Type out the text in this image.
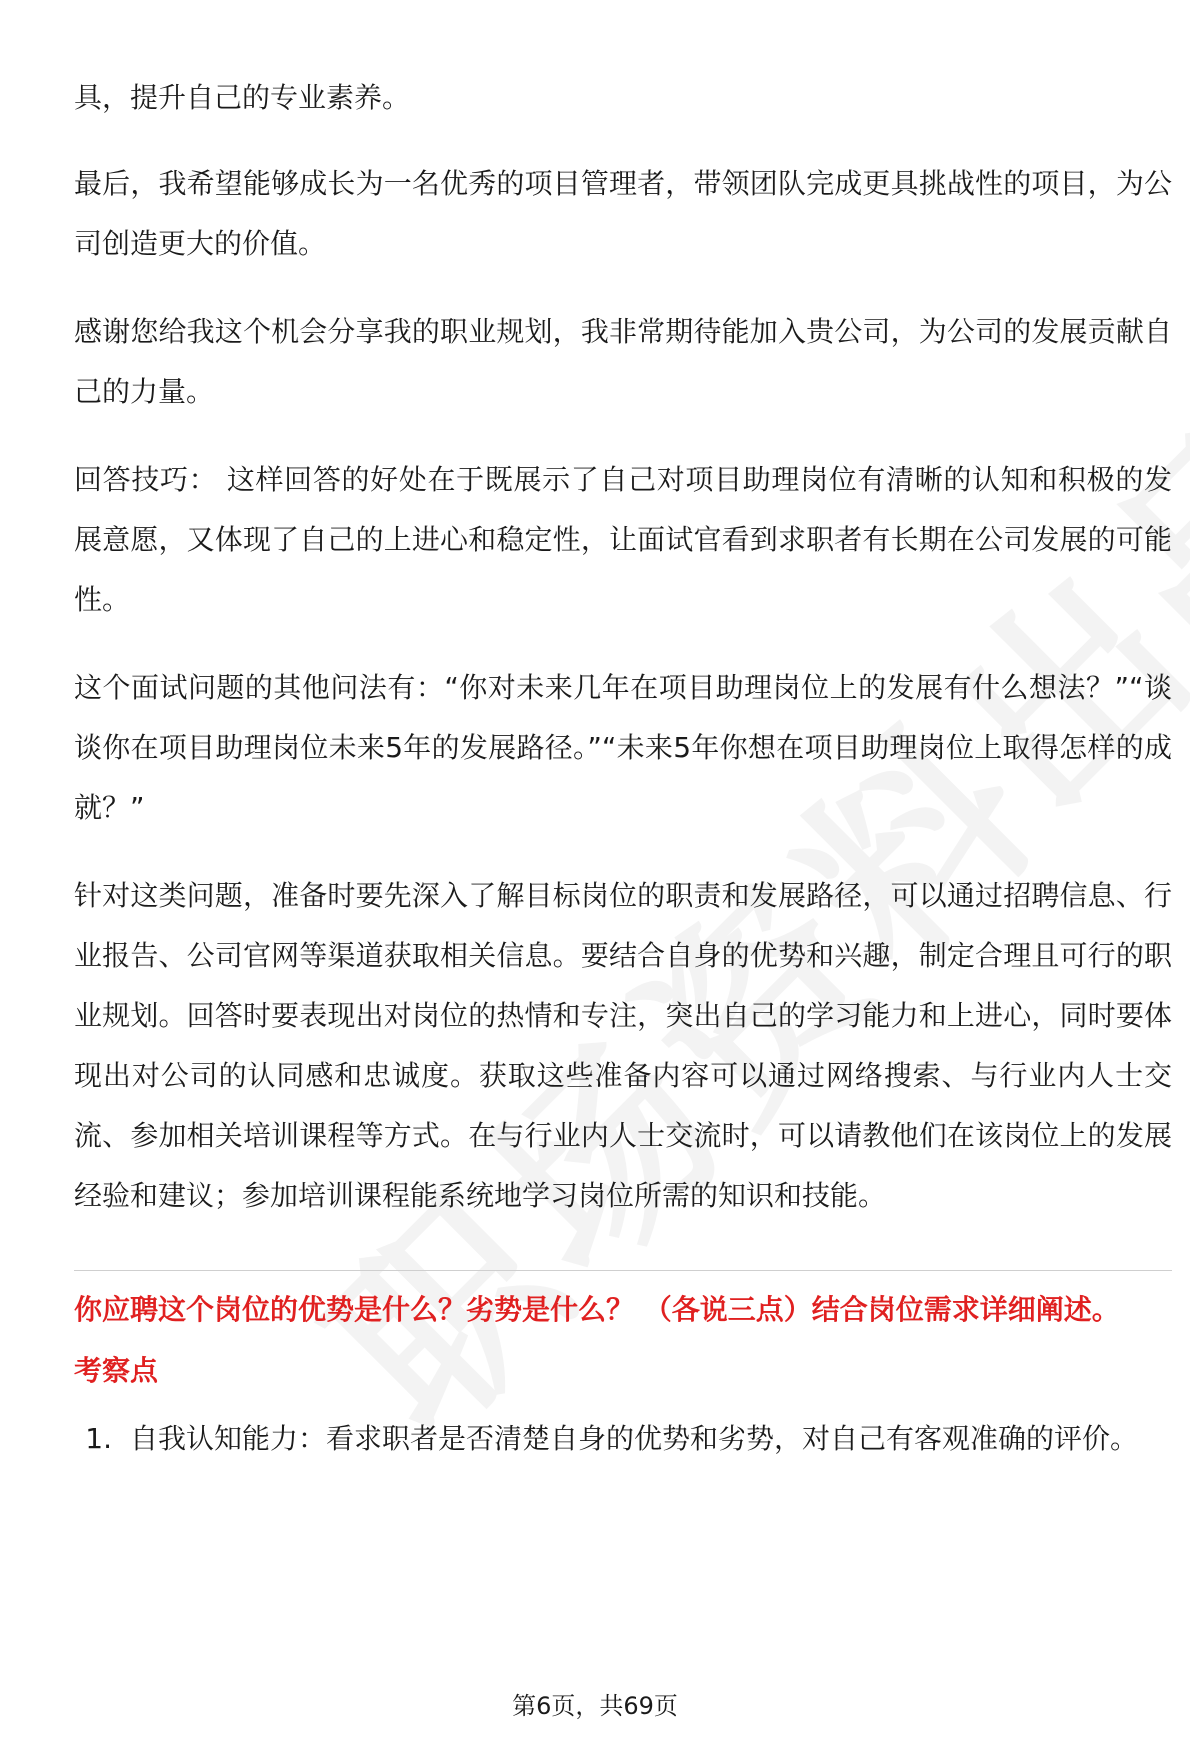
具，提升自己的专业素养。

最后，我希望能够成长为一名优秀的项目管理者，带领团队完成更具挑战性的项目，为公司创造更大的价值。

感谢您给我这个机会分享我的职业规划，我非常期待能加入贵公司，为公司的发展贡献自己的力量。

回答技巧： 这样回答的好处在于既展示了自己对项目助理岗位有清晰的认知和积极的发展意愿，又体现了自己的上进心和稳定性，让面试官看到求职者有长期在公司发展的可能性。

这个面试问题的其他问法有：“你对未来几年在项目助理岗位上的发展有什么想法？”“谈谈你在项目助理岗位未来5年的发展路径。”“未来5年你想在项目助理岗位上取得怎样的成就？”

针对这类问题，准备时要先深入了解目标岗位的职责和发展路径，可以通过招聘信息、行业报告、公司官网等渠道获取相关信息。要结合自身的优势和兴趣，制定合理且可行的职业规划。回答时要表现出对岗位的热情和专注，突出自己的学习能力和上进心，同时要体现出对公司的认同感和忠诚度。获取这些准备内容可以通过网络搜索、与行业内人士交流、参加相关培训课程等方式。在与行业内人士交流时，可以请教他们在该岗位上的发展经验和建议；参加培训课程能系统地学习岗位所需的知识和技能。

你应聘这个岗位的优势是什么？劣势是什么？ （各说三点）结合岗位需求详细阐述。
考察点
1. 自我认知能力：看求职者是否清楚自身的优势和劣势，对自己有客观准确的评价。
第6页，共69页
